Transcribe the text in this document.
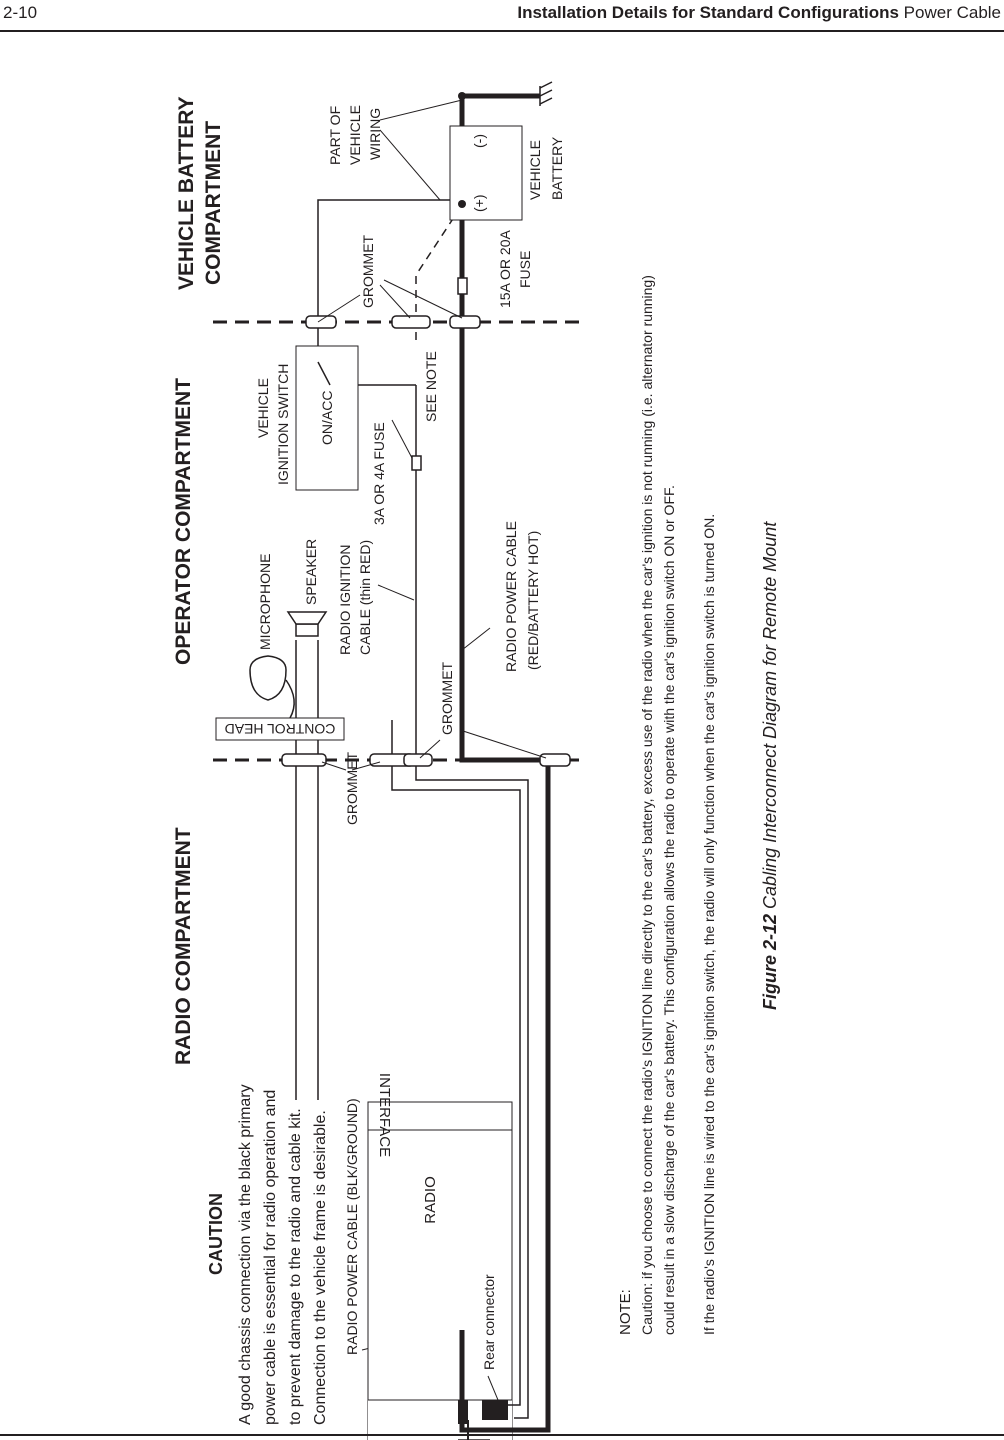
2-10	Installation Details for Standard Configurations Power Cable
RADIO COMPARTMENT
OPERATOR COMPARTMENT
VEHICLE BATTERY COMPARTMENT
CAUTION A good chassis connection via the black primary power cable is essential for radio operation and to prevent damage to the radio and cable kit. Connection to the vehicle frame is desirable. RADIO POWER CABLE (BLK/GROUND) INTERFACE
RADIO
Rear connector
GROMMET
GROMMET
GROMMET
CONTROL HEAD
MICROPHONE SPEAKER RADIO IGNITION CABLE (thin RED)	RADIO POWER CABLE (RED/BATTERY HOT)
3A OR 4A FUSE
VEHICLE IGNITION SWITCH ON/ACC	SEE NOTE
15A OR 20A FUSE
(+)
(-)	VEHICLE BATTERY
PART OF VEHICLE WIRING
NOTE: Caution: if you choose to connect the radio's IGNITION line directly to the car's battery, excess use of the radio when the car's ignition is not running (i.e. alternator running) could result in a slow discharge of the car's battery. This configuration allows the radio to operate with the car's ignition switch ON or OFF. If the radio's IGNITION line is wired to the car's ignition switch, the radio will only function when the car's ignition switch is turned ON. Figure 2-12 Cabling Interconnect Diagram for Remote Mount
